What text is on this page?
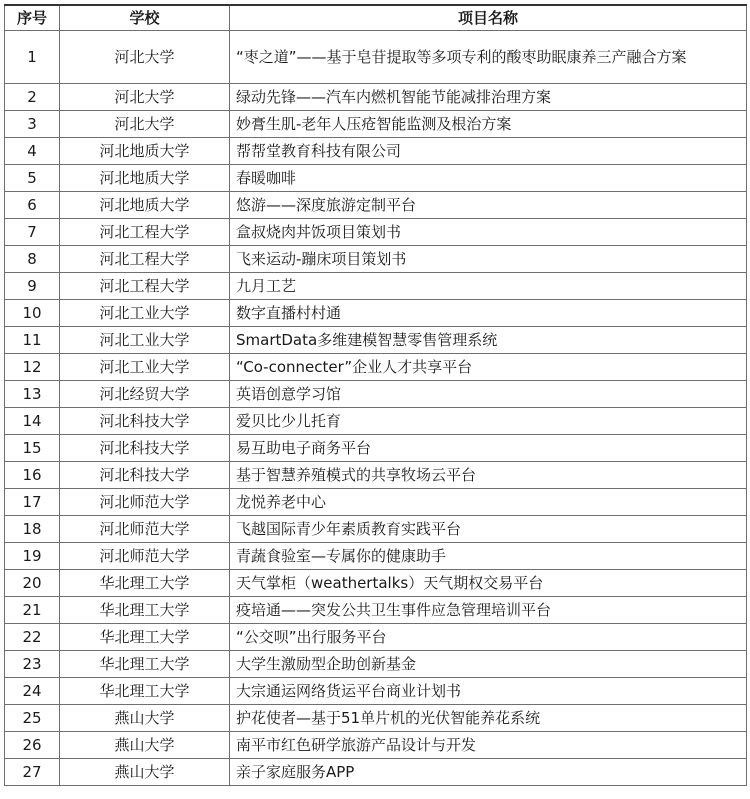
序号	学校	项目名称
1	河北大学	“枣之道”——基于皂苷提取等多项专利的酸枣助眠康养三产融合方案
2	河北大学	绿动先锋——汽车内燃机智能节能减排治理方案
3	河北大学	妙膏生肌-老年人压疮智能监测及根治方案
4	河北地质大学	帮帮堂教育科技有限公司
5	河北地质大学	春暖咖啡
6	河北地质大学	悠游——深度旅游定制平台
7	河北工程大学	盒叔烧肉丼饭项目策划书
8	河北工程大学	飞来运动-蹦床项目策划书
9	河北工程大学	九月工艺
10	河北工业大学	数字直播村村通
11	河北工业大学	SmartData多维建模智慧零售管理系统
12	河北工业大学	“Co-connecter”企业人才共享平台
13	河北经贸大学	英语创意学习馆
14	河北科技大学	爱贝比少儿托育
15	河北科技大学	易互助电子商务平台
16	河北科技大学	基于智慧养殖模式的共享牧场云平台
17	河北师范大学	龙悦养老中心
18	河北师范大学	飞越国际青少年素质教育实践平台
19	河北师范大学	青蔬食验室—专属你的健康助手
20	华北理工大学	天气掌柜（weathertalks）天气期权交易平台
21	华北理工大学	疫培通——突发公共卫生事件应急管理培训平台
22	华北理工大学	“公交呗”出行服务平台
23	华北理工大学	大学生激励型企助创新基金
24	华北理工大学	大宗通运网络货运平台商业计划书
25	燕山大学	护花使者—基于51单片机的光伏智能养花系统
26	燕山大学	南平市红色研学旅游产品设计与开发
27	燕山大学	亲子家庭服务APP
